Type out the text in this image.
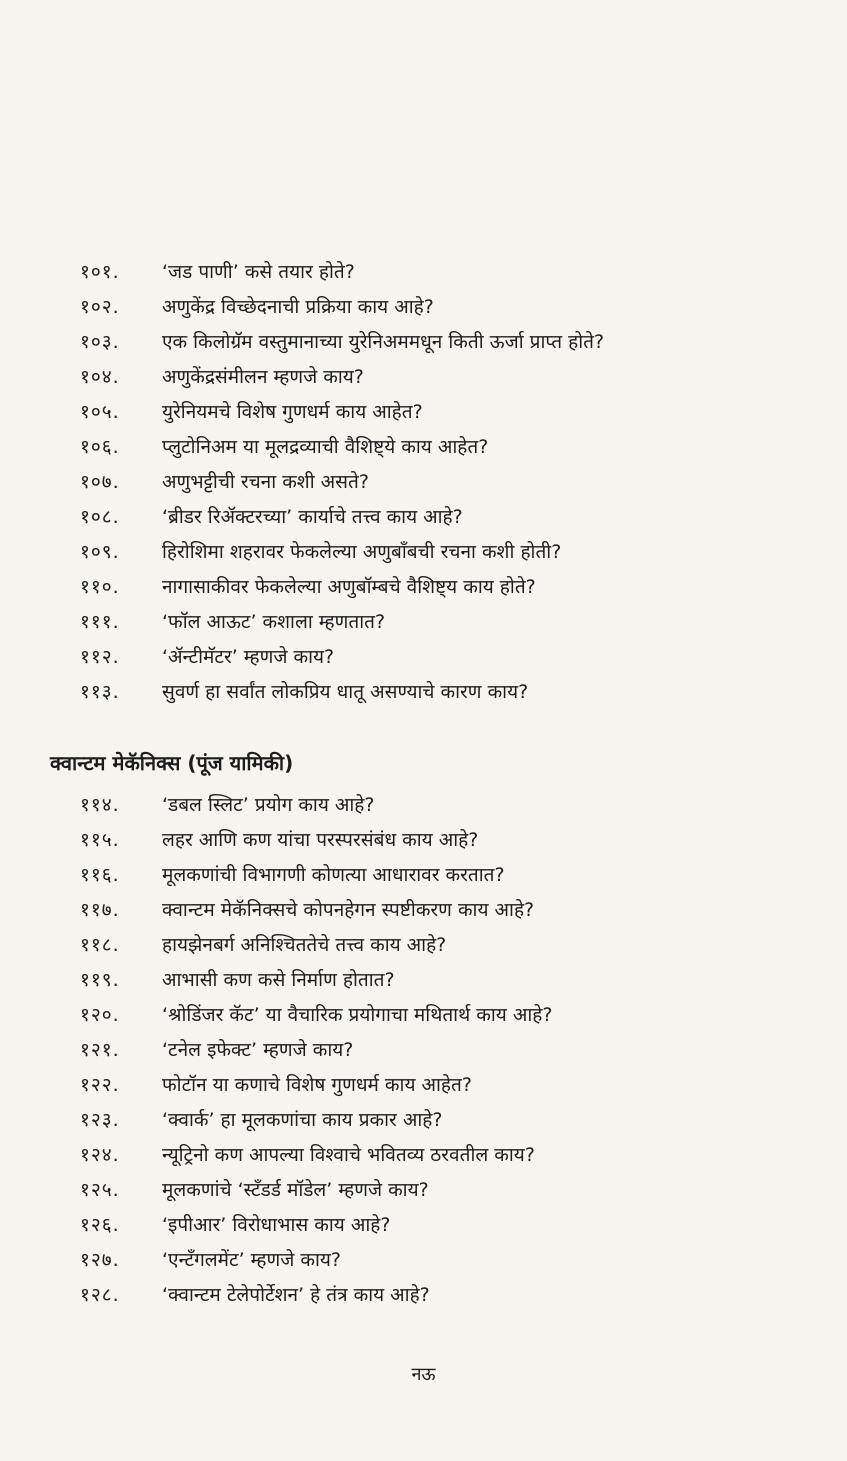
१०१. ‘जड पाणी’ कसे तयार होते?
१०२. अणुकेंद्र विच्छेदनाची प्रक्रिया काय आहे?
१०३. एक किलोग्रॅम वस्तुमानाच्या युरेनिअममधून किती ऊर्जा प्राप्त होते?
१०४. अणुकेंद्रसंमीलन म्हणजे काय?
१०५. युरेनियमचे विशेष गुणधर्म काय आहेत?
१०६. प्लुटोनिअम या मूलद्रव्याची वैशिष्ट्ये काय आहेत?
१०७. अणुभट्टीची रचना कशी असते?
१०८. ‘ब्रीडर रिॲक्टरच्या’ कार्याचे तत्त्व काय आहे?
१०९. हिरोशिमा शहरावर फेकलेल्या अणुबाँबची रचना कशी होती?
११०. नागासाकीवर फेकलेल्या अणुबॉम्बचे वैशिष्ट्य काय होते?
१११. ‘फॉल आऊट’ कशाला म्हणतात?
११२. ‘ॲन्टीमॅटर’ म्हणजे काय?
११३. सुवर्ण हा सर्वांत लोकप्रिय धातू असण्याचे कारण काय?
क्वान्टम मेकॅनिक्स (पूंज यामिकी)
११४. ‘डबल स्लिट’ प्रयोग काय आहे?
११५. लहर आणि कण यांचा परस्परसंबंध काय आहे?
११६. मूलकणांची विभागणी कोणत्या आधारावर करतात?
११७. क्वान्टम मेकॅनिक्सचे कोपनहेगन स्पष्टीकरण काय आहे?
११८. हायझेनबर्ग अनिश्चिततेचे तत्त्व काय आहे?
११९. आभासी कण कसे निर्माण होतात?
१२०. ‘श्रोडिंजर कॅट’ या वैचारिक प्रयोगाचा मथितार्थ काय आहे?
१२१. ‘टनेल इफेक्ट’ म्हणजे काय?
१२२. फोटॉन या कणाचे विशेष गुणधर्म काय आहेत?
१२३. ‘क्वार्क’ हा मूलकणांचा काय प्रकार आहे?
१२४. न्यूट्रिनो कण आपल्या विश्वाचे भवितव्य ठरवतील काय?
१२५. मूलकणांचे ‘स्टँडर्ड मॉडेल’ म्हणजे काय?
१२६. ‘इपीआर’ विरोधाभास काय आहे?
१२७. ‘एन्टँगलमेंट’ म्हणजे काय?
१२८. ‘क्वान्टम टेलेपोर्टेशन’ हे तंत्र काय आहे?
नऊ
